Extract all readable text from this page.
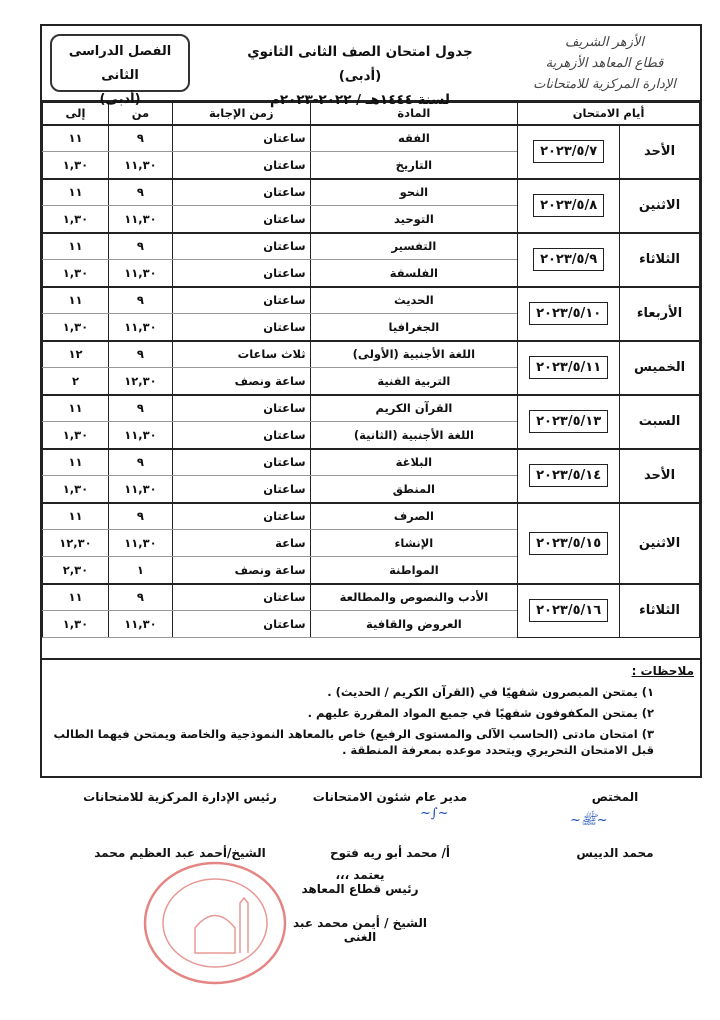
الأزهر الشريف
قطاع المعاهد الأزهرية
الإدارة المركزية للامتحانات
جدول امتحان الصف الثانى الثانوي (أدبى)
لسنة ١٤٤٤هـ / ٢٠٢٢-٢٠٢٣م
الفصل الدراسى الثانى
(أدبى)
أيام الامتحان		المادة	زمن الإجابة	من	إلى
الأحد	٢٠٢٣/٥/٧	الفقه	ساعتان	٩	١١
		التاريخ	ساعتان	١١,٣٠	١,٣٠
الاثنين	٢٠٢٣/٥/٨	النحو	ساعتان	٩	١١
		التوحيد	ساعتان	١١,٣٠	١,٣٠
الثلاثاء	٢٠٢٣/٥/٩	التفسير	ساعتان	٩	١١
		الفلسفة	ساعتان	١١,٣٠	١,٣٠
الأربعاء	٢٠٢٣/٥/١٠	الحديث	ساعتان	٩	١١
		الجغرافيا	ساعتان	١١,٣٠	١,٣٠
الخميس	٢٠٢٣/٥/١١	اللغة الأجنبية (الأولى)	ثلاث ساعات	٩	١٢
		التربية الفنية	ساعة ونصف	١٢,٣٠	٢
السبت	٢٠٢٣/٥/١٣	القرآن الكريم	ساعتان	٩	١١
		اللغة الأجنبية (الثانية)	ساعتان	١١,٣٠	١,٣٠
الأحد	٢٠٢٣/٥/١٤	البلاغة	ساعتان	٩	١١
		المنطق	ساعتان	١١,٣٠	١,٣٠
الاثنين	٢٠٢٣/٥/١٥	الصرف	ساعتان	٩	١١
		الإنشاء	ساعة	١١,٣٠	١٢,٣٠
		المواطنة	ساعة ونصف	١	٢,٣٠
الثلاثاء	٢٠٢٣/٥/١٦	الأدب والنصوص والمطالعة	ساعتان	٩	١١
		العروض والقافية	ساعتان	١١,٣٠	١,٣٠
ملاحظات :

١) يمتحن المبصرون شفهيًا في (القرآن الكريم / الحديث) .

٢) يمتحن المكفوفون شفهيًا في جميع المواد المقررة عليهم .

٣) امتحان مادتى (الحاسب الآلى والمستوى الرفيع) خاص بالمعاهد النموذجية والخاصة ويمتحن فيهما الطالب قبل الامتحان التحريري ويتحدد موعده بمعرفة المنطقة .

المختص
محمد الدييس
~ﷺ~
مدير عام شئون الامتحانات
أ/ محمد أبو ريه فتوح
~∫~
رئيس الإدارة المركزية للامتحانات
الشيخ/أحمد عبد العظيم محمد
يعتمد ،،،
رئيس قطاع المعاهد
الشيخ / أيمن محمد عبد الغنى
